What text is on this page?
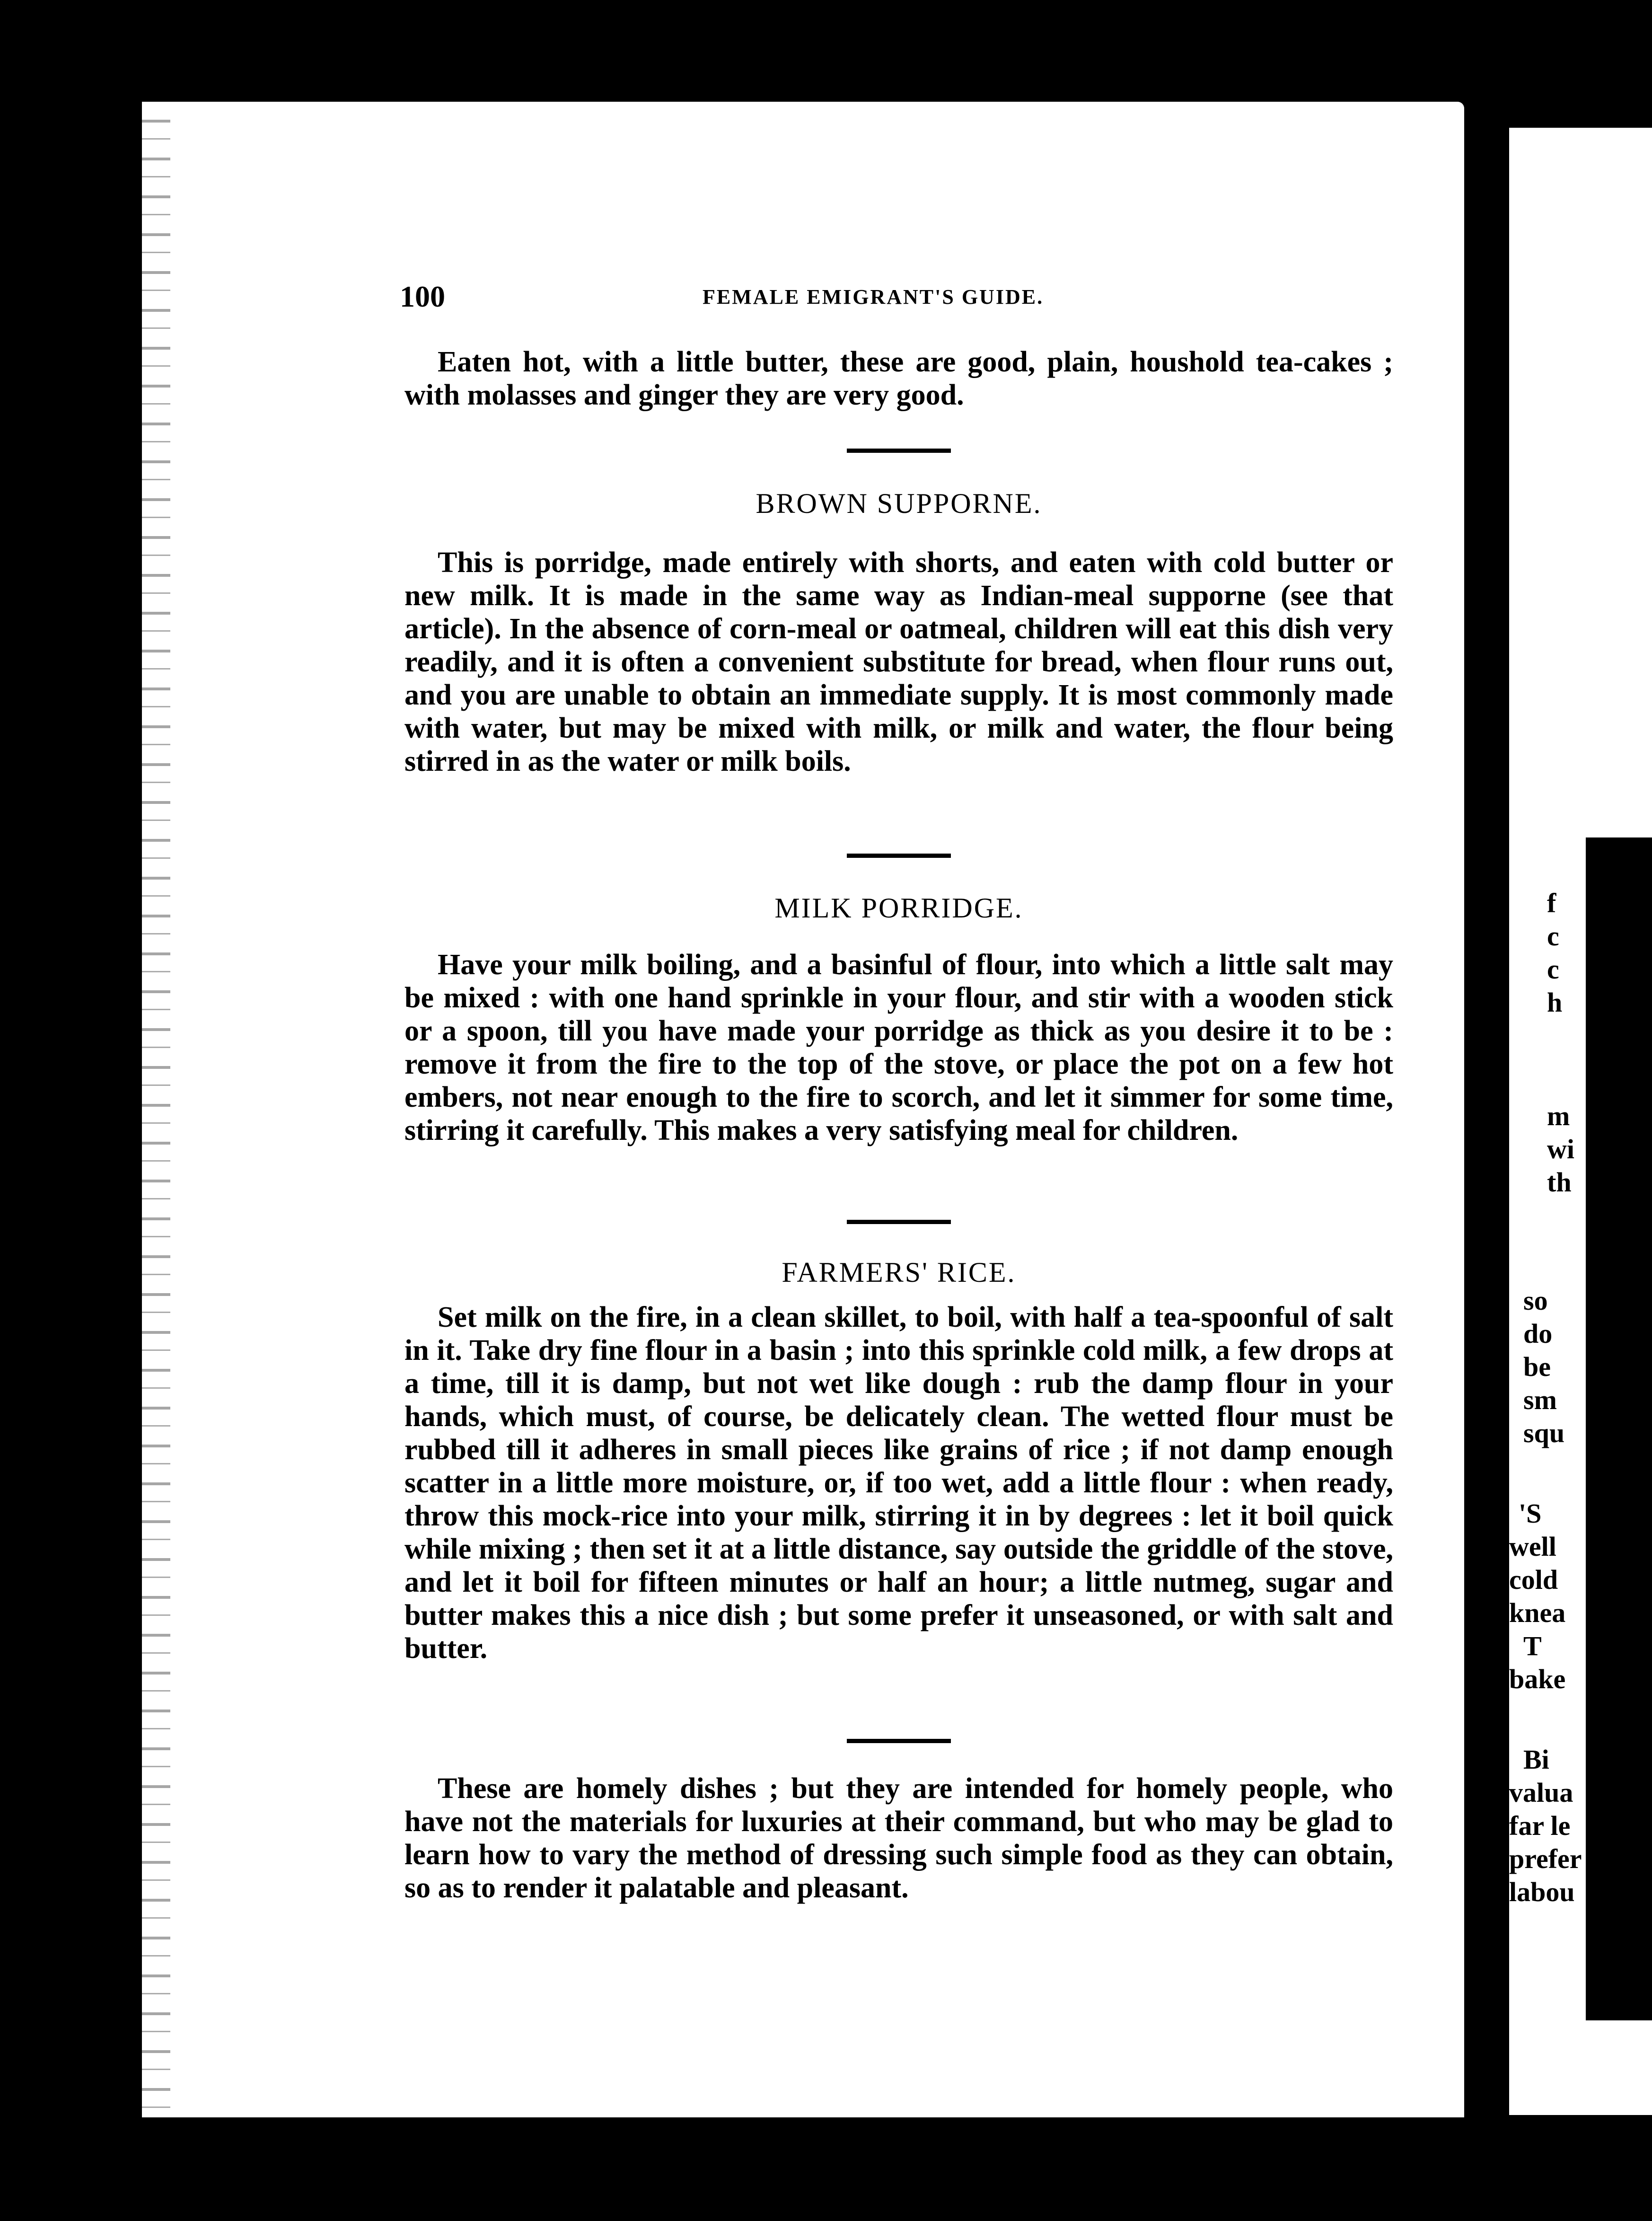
f
c
c
h
m
wi
th
so
do
be
sm
squ
'S
well
cold
knea
T
bake
Bi
valua
far le
prefer
labou
100	FEMALE EMIGRANT'S GUIDE.

Eaten hot, with a little butter, these are good, plain, houshold tea-cakes ; with molasses and ginger they are very good.

BROWN SUPPORNE.

This is porridge, made entirely with shorts, and eaten with cold butter or new milk. It is made in the same way as Indian-meal supporne (see that article). In the absence of corn-meal or oatmeal, children will eat this dish very readily, and it is often a convenient substitute for bread, when flour runs out, and you are unable to obtain an immediate supply. It is most commonly made with water, but may be mixed with milk, or milk and water, the flour being stirred in as the water or milk boils.

MILK PORRIDGE.

Have your milk boiling, and a basinful of flour, into which a little salt may be mixed : with one hand sprinkle in your flour, and stir with a wooden stick or a spoon, till you have made your porridge as thick as you desire it to be : remove it from the fire to the top of the stove, or place the pot on a few hot embers, not near enough to the fire to scorch, and let it simmer for some time, stirring it carefully. This makes a very satisfying meal for children.

FARMERS' RICE.

Set milk on the fire, in a clean skillet, to boil, with half a tea-spoonful of salt in it. Take dry fine flour in a basin ; into this sprinkle cold milk, a few drops at a time, till it is damp, but not wet like dough : rub the damp flour in your hands, which must, of course, be delicately clean. The wetted flour must be rubbed till it adheres in small pieces like grains of rice ; if not damp enough scatter in a little more moisture, or, if too wet, add a little flour : when ready, throw this mock-rice into your milk, stirring it in by degrees : let it boil quick while mixing ; then set it at a little distance, say outside the griddle of the stove, and let it boil for fifteen minutes or half an hour; a little nutmeg, sugar and butter makes this a nice dish ; but some prefer it unseasoned, or with salt and butter.

These are homely dishes ; but they are intended for homely people, who have not the materials for luxuries at their command, but who may be glad to learn how to vary the method of dressing such simple food as they can obtain, so as to render it palatable and pleasant.
